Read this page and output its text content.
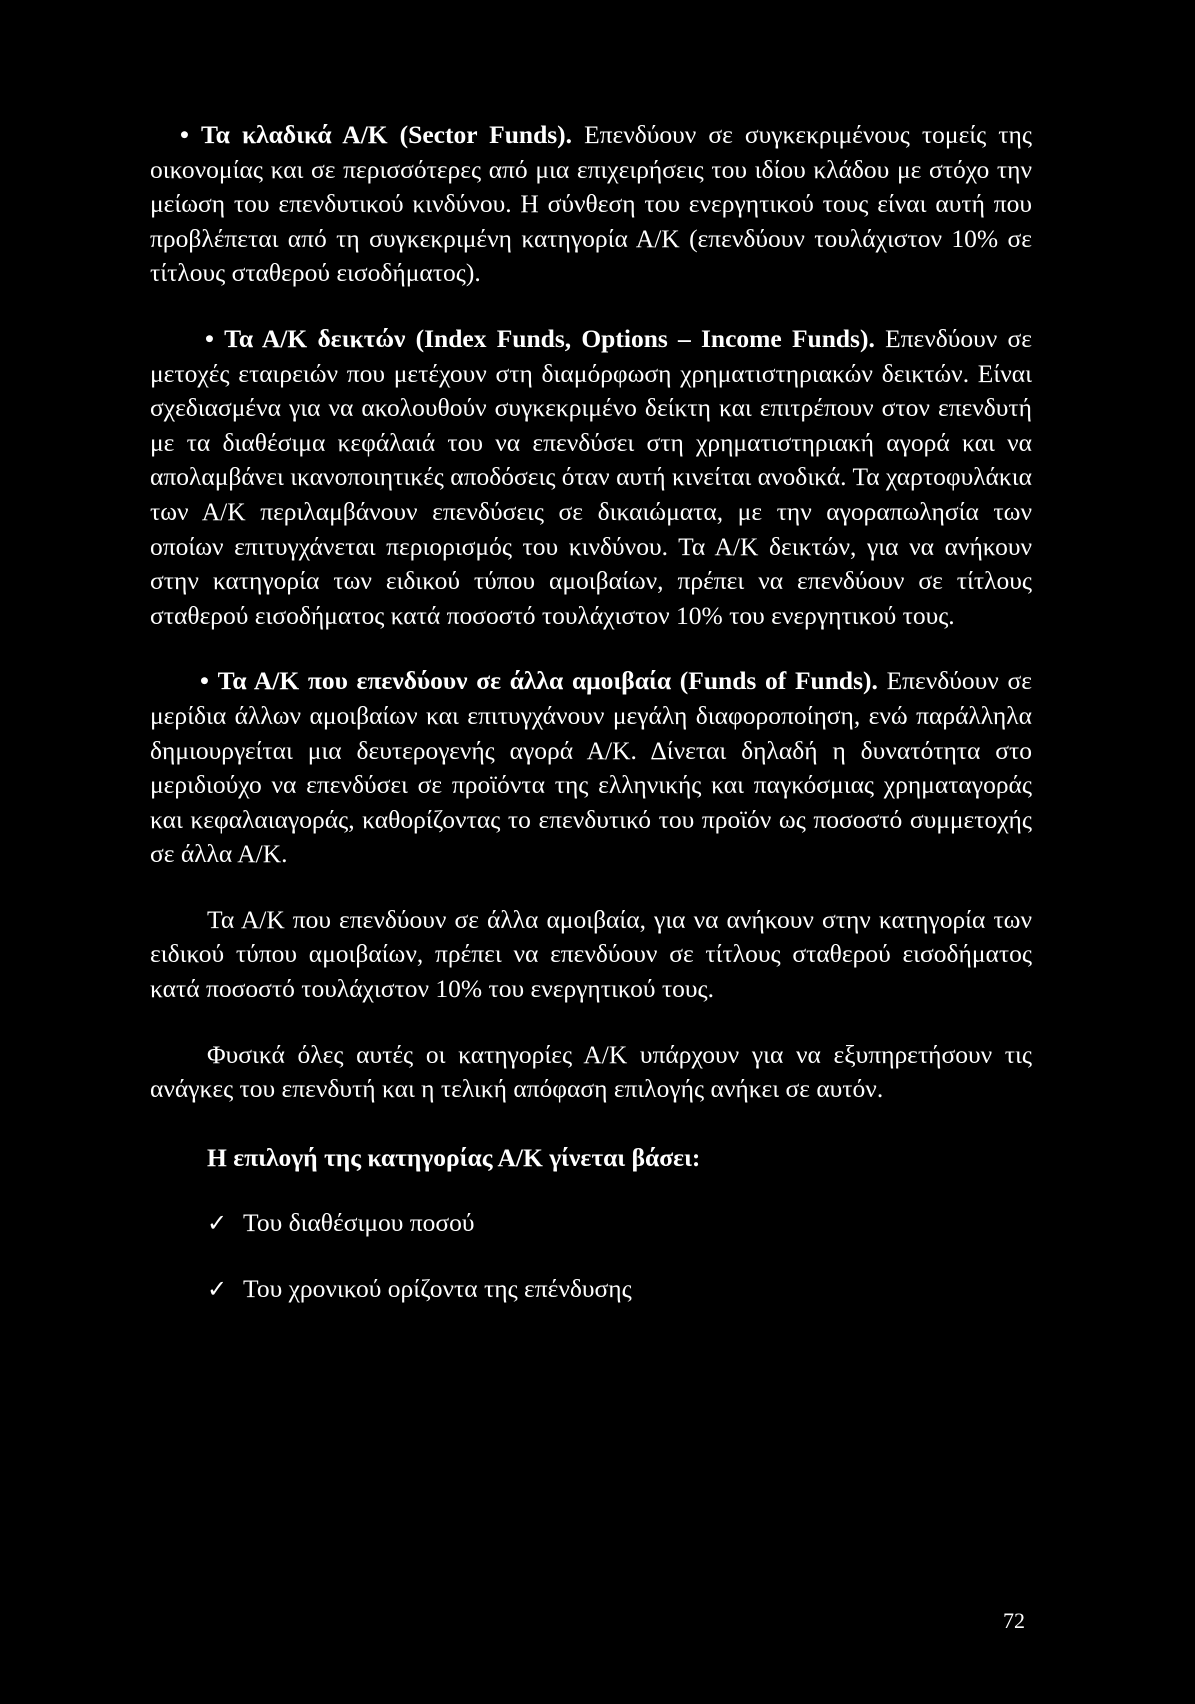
• Τα κλαδικά Α/Κ (Sector Funds). Επενδύουν σε συγκεκριμένους τομείς της οικονομίας και σε περισσότερες από μια επιχειρήσεις του ιδίου κλάδου με στόχο την μείωση του επενδυτικού κινδύνου. Η σύνθεση του ενεργητικού τους είναι αυτή που προβλέπεται από τη συγκεκριμένη κατηγορία Α/Κ (επενδύουν τουλάχιστον 10% σε τίτλους σταθερού εισοδήματος).

• Τα Α/Κ δεικτών (Index Funds, Options – Income Funds). Επενδύουν σε μετοχές εταιρειών που μετέχουν στη διαμόρφωση χρηματιστηριακών δεικτών. Είναι σχεδιασμένα για να ακολουθούν συγκεκριμένο δείκτη και επιτρέπουν στον επενδυτή με τα διαθέσιμα κεφάλαιά του να επενδύσει στη χρηματιστηριακή αγορά και να απολαμβάνει ικανοποιητικές αποδόσεις όταν αυτή κινείται ανοδικά. Τα χαρτοφυλάκια των Α/Κ περιλαμβάνουν επενδύσεις σε δικαιώματα, με την αγοραπωλησία των οποίων επιτυγχάνεται περιορισμός του κινδύνου. Τα Α/Κ δεικτών, για να ανήκουν στην κατηγορία των ειδικού τύπου αμοιβαίων, πρέπει να επενδύουν σε τίτλους σταθερού εισοδήματος κατά ποσοστό τουλάχιστον 10% του ενεργητικού τους.

• Τα Α/Κ που επενδύουν σε άλλα αμοιβαία (Funds of Funds). Επενδύουν σε μερίδια άλλων αμοιβαίων και επιτυγχάνουν μεγάλη διαφοροποίηση, ενώ παράλληλα δημιουργείται μια δευτερογενής αγορά Α/Κ. Δίνεται δηλαδή η δυνατότητα στο μεριδιούχο να επενδύσει σε προϊόντα της ελληνικής και παγκόσμιας χρηματαγοράς και κεφαλαιαγοράς, καθορίζοντας το επενδυτικό του προϊόν ως ποσοστό συμμετοχής σε άλλα Α/Κ.

Τα Α/Κ που επενδύουν σε άλλα αμοιβαία, για να ανήκουν στην κατηγορία των ειδικού τύπου αμοιβαίων, πρέπει να επενδύουν σε τίτλους σταθερού εισοδήματος κατά ποσοστό τουλάχιστον 10% του ενεργητικού τους.

Φυσικά όλες αυτές οι κατηγορίες Α/Κ υπάρχουν για να εξυπηρετήσουν τις ανάγκες του επενδυτή και η τελική απόφαση επιλογής ανήκει σε αυτόν.

Η επιλογή της κατηγορίας Α/Κ γίνεται βάσει:
✓ Του διαθέσιμου ποσού
✓ Του χρονικού ορίζοντα της επένδυσης
72
